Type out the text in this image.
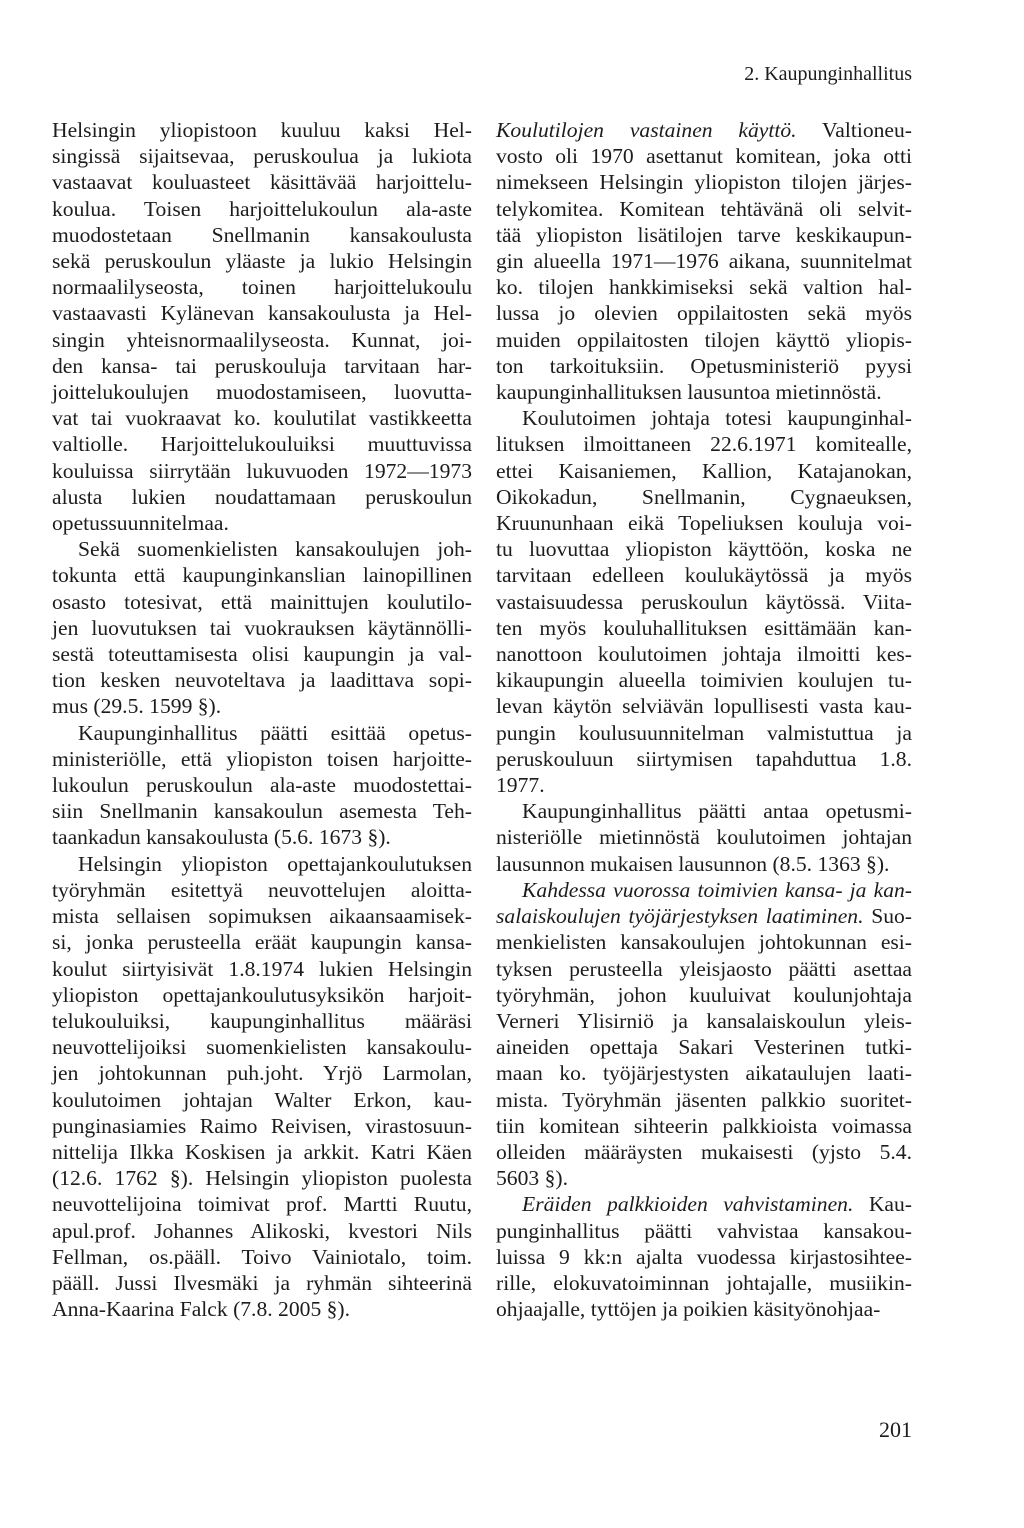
2. Kaupunginhallitus
Helsingin yliopistoon kuuluu kaksi Hel-
singissä sijaitsevaa, peruskoulua ja lukiota
vastaavat kouluasteet käsittävää harjoittelu-
koulua. Toisen harjoittelukoulun ala-aste
muodostetaan Snellmanin kansakoulusta
sekä peruskoulun yläaste ja lukio Helsingin
normaalilyseosta, toinen harjoittelukoulu
vastaavasti Kylänevan kansakoulusta ja Hel-
singin yhteisnormaalilyseosta. Kunnat, joi-
den kansa- tai peruskouluja tarvitaan har-
joittelukoulujen muodostamiseen, luovutta-
vat tai vuokraavat ko. koulutilat vastikkeetta
valtiolle. Harjoittelukouluiksi muuttuvissa
kouluissa siirrytään lukuvuoden 1972—1973
alusta lukien noudattamaan peruskoulun
opetussuunnitelmaa.
Sekä suomenkielisten kansakoulujen joh-
tokunta että kaupunginkanslian lainopillinen
osasto totesivat, että mainittujen koulutilo-
jen luovutuksen tai vuokrauksen käytännölli-
sestä toteuttamisesta olisi kaupungin ja val-
tion kesken neuvoteltava ja laadittava sopi-
mus (29.5. 1599 §).
Kaupunginhallitus päätti esittää opetus-
ministeriölle, että yliopiston toisen harjoitte-
lukoulun peruskoulun ala-aste muodostettai-
siin Snellmanin kansakoulun asemesta Teh-
taankadun kansakoulusta (5.6. 1673 §).
Helsingin yliopiston opettajankoulutuksen
työryhmän esitettyä neuvottelujen aloitta-
mista sellaisen sopimuksen aikaansaamisek-
si, jonka perusteella eräät kaupungin kansa-
koulut siirtyisivät 1.8.1974 lukien Helsingin
yliopiston opettajankoulutusyksikön harjoit-
telukouluiksi, kaupunginhallitus määräsi
neuvottelijoiksi suomenkielisten kansakoulu-
jen johtokunnan puh.joht. Yrjö Larmolan,
koulutoimen johtajan Walter Erkon, kau-
punginasiamies Raimo Reivisen, virastosuun-
nittelija Ilkka Koskisen ja arkkit. Katri Käen
(12.6. 1762 §). Helsingin yliopiston puolesta
neuvottelijoina toimivat prof. Martti Ruutu,
apul.prof. Johannes Alikoski, kvestori Nils
Fellman, os.pääll. Toivo Vainiotalo, toim.
pääll. Jussi Ilvesmäki ja ryhmän sihteerinä
Anna-Kaarina Falck (7.8. 2005 §).
Koulutilojen vastainen käyttö. Valtioneu-
vosto oli 1970 asettanut komitean, joka otti
nimekseen Helsingin yliopiston tilojen järjes-
telykomitea. Komitean tehtävänä oli selvit-
tää yliopiston lisätilojen tarve keskikaupun-
gin alueella 1971—1976 aikana, suunnitelmat
ko. tilojen hankkimiseksi sekä valtion hal-
lussa jo olevien oppilaitosten sekä myös
muiden oppilaitosten tilojen käyttö yliopis-
ton tarkoituksiin. Opetusministeriö pyysi
kaupunginhallituksen lausuntoa mietinnöstä.
Koulutoimen johtaja totesi kaupunginhal-
lituksen ilmoittaneen 22.6.1971 komitealle,
ettei Kaisaniemen, Kallion, Katajanokan,
Oikokadun, Snellmanin, Cygnaeuksen,
Kruununhaan eikä Topeliuksen kouluja voi-
tu luovuttaa yliopiston käyttöön, koska ne
tarvitaan edelleen koulukäytössä ja myös
vastaisuudessa peruskoulun käytössä. Viita-
ten myös kouluhallituksen esittämään kan-
nanottoon koulutoimen johtaja ilmoitti kes-
kikaupungin alueella toimivien koulujen tu-
levan käytön selviävän lopullisesti vasta kau-
pungin koulusuunnitelman valmistuttua ja
peruskouluun siirtymisen tapahduttua 1.8.
1977.
Kaupunginhallitus päätti antaa opetusmi-
nisteriölle mietinnöstä koulutoimen johtajan
lausunnon mukaisen lausunnon (8.5. 1363 §).
Kahdessa vuorossa toimivien kansa- ja kan-
salaiskoulujen työjärjestyksen laatiminen. Suo-
menkielisten kansakoulujen johtokunnan esi-
tyksen perusteella yleisjaosto päätti asettaa
työryhmän, johon kuuluivat koulunjohtaja
Verneri Ylisirniö ja kansalaiskoulun yleis-
aineiden opettaja Sakari Vesterinen tutki-
maan ko. työjärjestysten aikataulujen laati-
mista. Työryhmän jäsenten palkkio suoritet-
tiin komitean sihteerin palkkioista voimassa
olleiden määräysten mukaisesti (yjsto 5.4.
5603 §).
Eräiden palkkioiden vahvistaminen. Kau-
punginhallitus päätti vahvistaa kansakou-
luissa 9 kk:n ajalta vuodessa kirjastosihtee-
rille, elokuvatoiminnan johtajalle, musiikin-
ohjaajalle, tyttöjen ja poikien käsityönohjaa-
201
